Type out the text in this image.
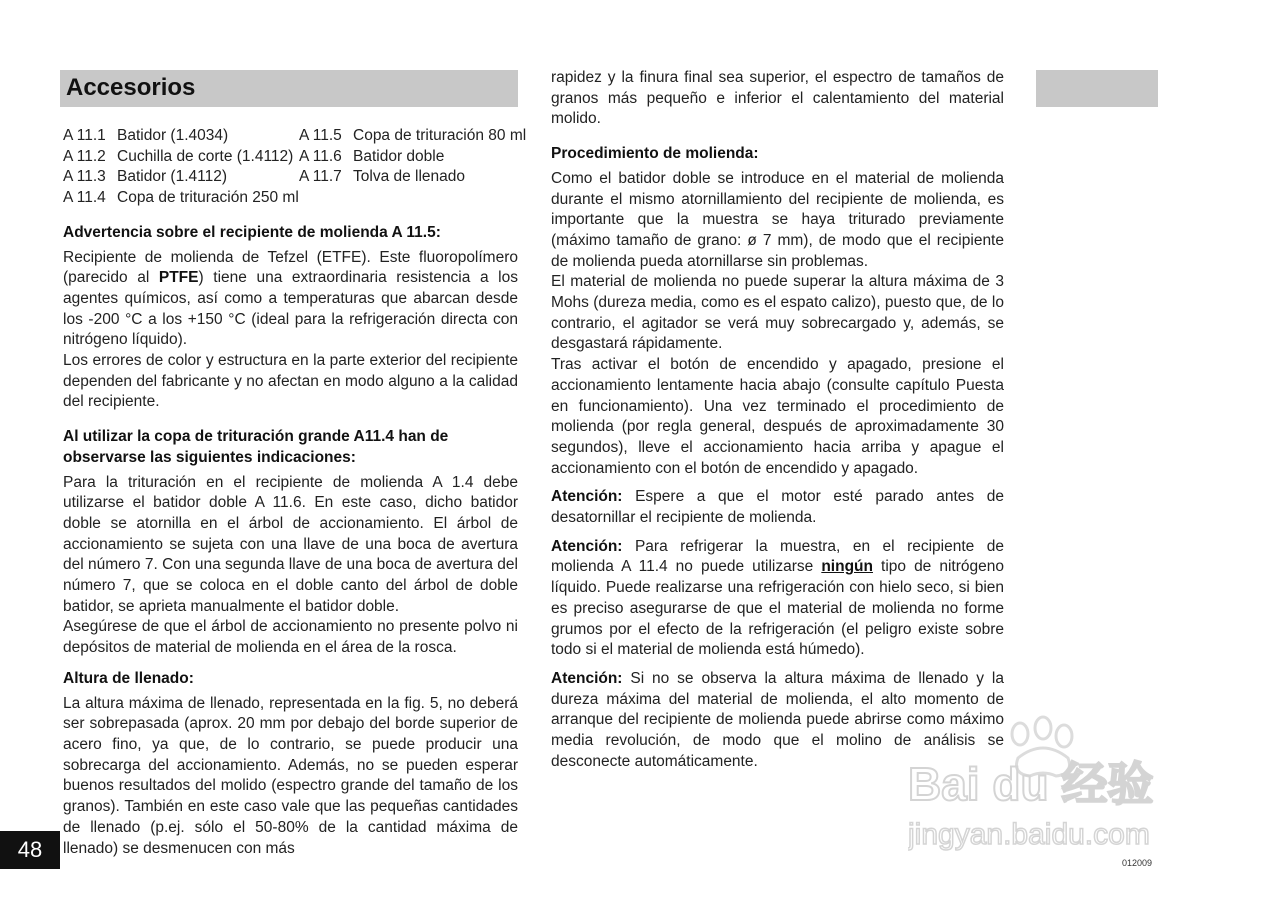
Accesorios
A 11.1 Batidor (1.4034)	A 11.5 Copa de trituración 80 ml
A 11.2 Cuchilla de corte (1.4112) A 11.6 Batidor doble
A 11.3 Batidor (1.4112)	A 11.7 Tolva de llenado
A 11.4 Copa de trituración 250 ml
Advertencia sobre el recipiente de molienda A 11.5:

Recipiente de molienda de Tefzel (ETFE). Este fluoropolímero (parecido al PTFE) tiene una extraordinaria resistencia a los agentes químicos, así como a temperaturas que abarcan desde los -200 °C a los +150 °C (ideal para la refrigeración directa con nitrógeno líquido).

Los errores de color y estructura en la parte exterior del recipiente dependen del fabricante y no afectan en modo alguno a la calidad del recipiente.

Al utilizar la copa de trituración grande A11.4 han de observarse las siguientes indicaciones:

Para la trituración en el recipiente de molienda A 1.4 debe utilizarse el batidor doble A 11.6. En este caso, dicho batidor doble se atornilla en el árbol de accionamiento. El árbol de accionamiento se sujeta con una llave de una boca de avertura del número 7. Con una segunda llave de una boca de avertura del número 7, que se coloca en el doble canto del árbol de doble batidor, se aprieta manualmente el batidor doble.

Asegúrese de que el árbol de accionamiento no presente polvo ni depósitos de material de molienda en el área de la rosca.

Altura de llenado:

La altura máxima de llenado, representada en la fig. 5, no deberá ser sobrepasada (aprox. 20 mm por debajo del borde superior de acero fino, ya que, de lo contrario, se puede producir una sobrecarga del accionamiento. Además, no se pueden esperar buenos resultados del molido (espectro grande del tamaño de los granos). También en este caso vale que las pequeñas cantidades de llenado (p.ej. sólo el 50-80% de la cantidad máxima de llenado) se desmenucen con más

rapidez y la finura final sea superior, el espectro de tamaños de granos más pequeño e inferior el calentamiento del material molido.

Procedimiento de molienda:

Como el batidor doble se introduce en el material de molienda durante el mismo atornillamiento del recipiente de molienda, es importante que la muestra se haya triturado previamente (máximo tamaño de grano: ø 7 mm), de modo que el recipiente de molienda pueda atornillarse sin problemas.

El material de molienda no puede superar la altura máxima de 3 Mohs (dureza media, como es el espato calizo), puesto que, de lo contrario, el agitador se verá muy sobrecargado y, además, se desgastará rápidamente.

Tras activar el botón de encendido y apagado, presione el accionamiento lentamente hacia abajo (consulte capítulo Puesta en funcionamiento). Una vez terminado el procedimiento de molienda (por regla general, después de aproximadamente 30 segundos), lleve el accionamiento hacia arriba y apague el accionamiento con el botón de encendido y apagado.

Atención: Espere a que el motor esté parado antes de desatornillar el recipiente de molienda.

Atención: Para refrigerar la muestra, en el recipiente de molienda A 11.4 no puede utilizarse ningún tipo de nitrógeno líquido. Puede realizarse una refrigeración con hielo seco, si bien es preciso asegurarse de que el material de molienda no forme grumos por el efecto de la refrigeración (el peligro existe sobre todo si el material de molienda está húmedo).

Atención: Si no se observa la altura máxima de llenado y la dureza máxima del material de molienda, el alto momento de arranque del recipiente de molienda puede abrirse como máximo media revolución, de modo que el molino de análisis se desconecte automáticamente.

48
012009
Bai du 经验
jingyan.baidu.com
